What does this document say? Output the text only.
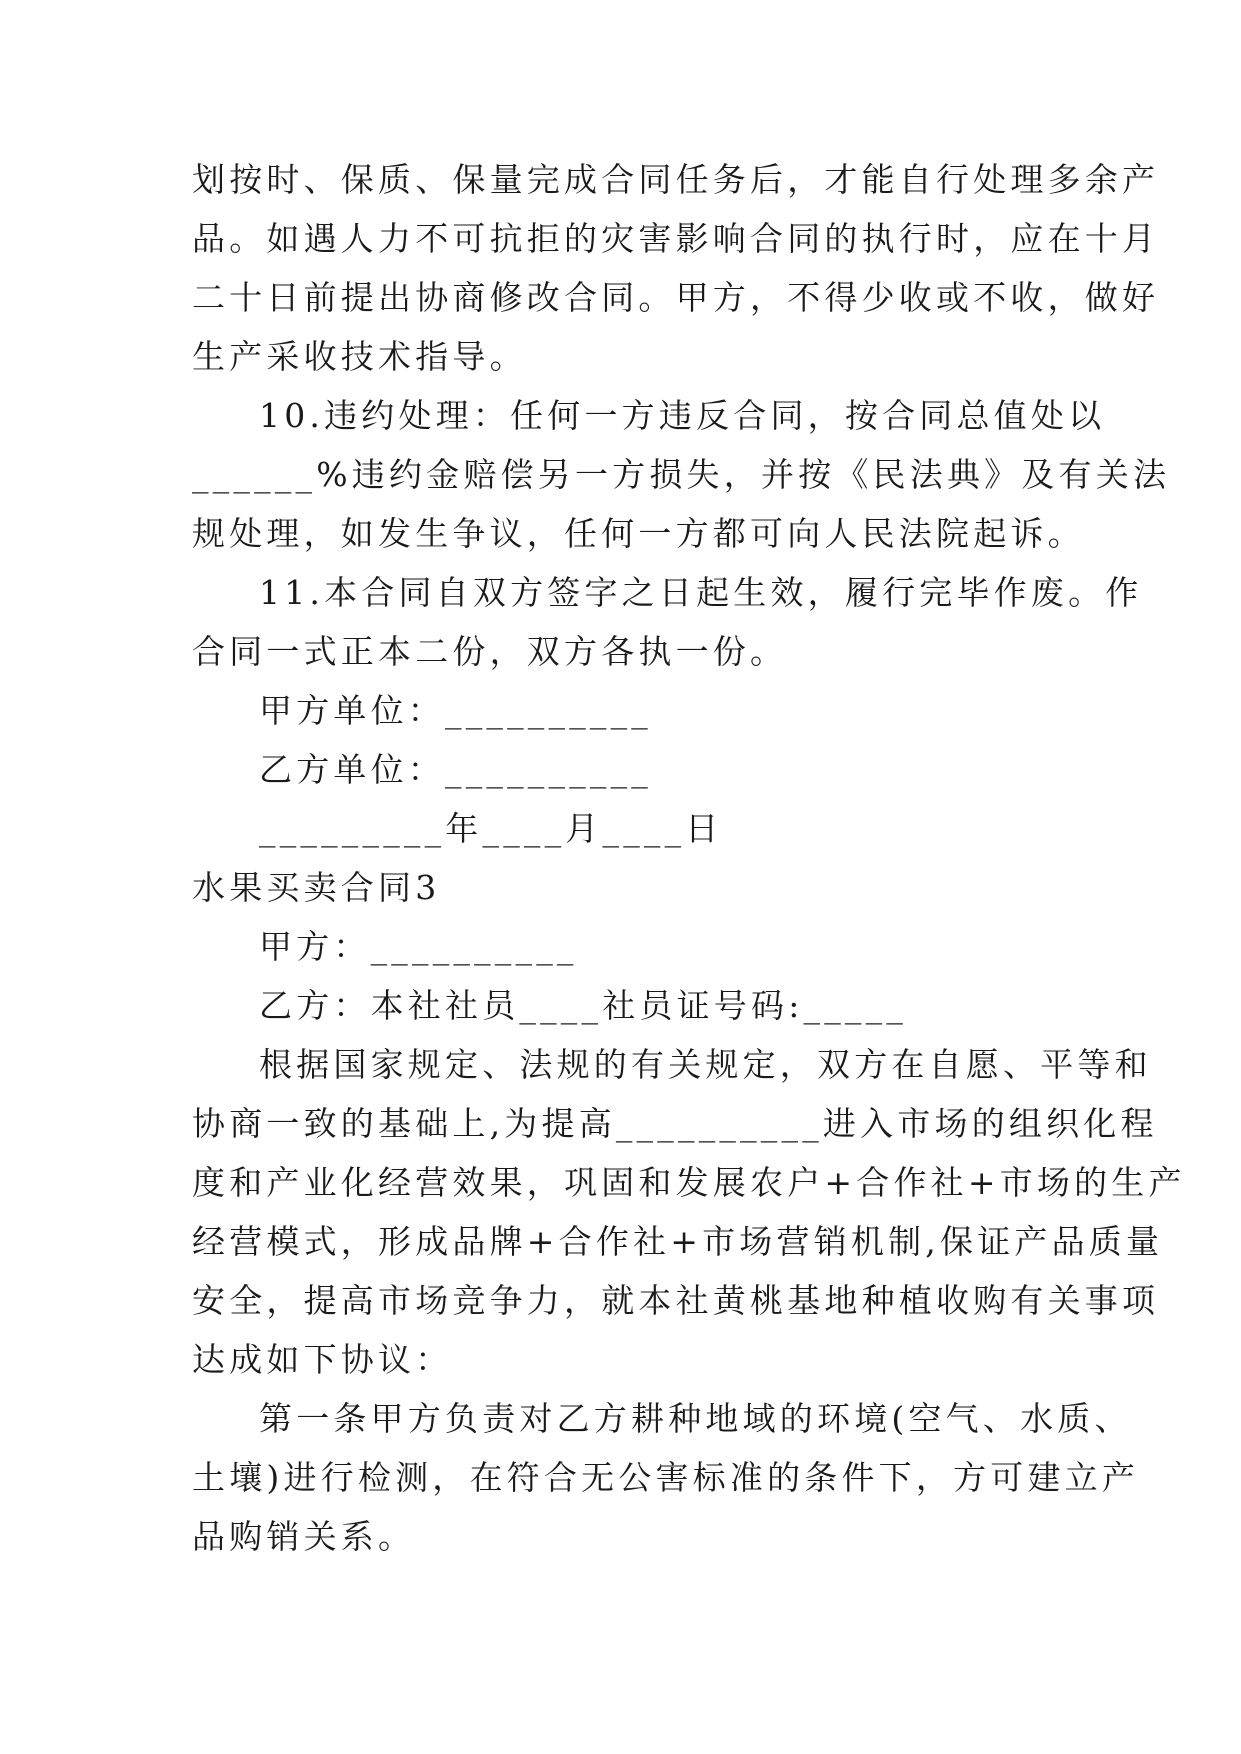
划按时、保质、保量完成合同任务后，才能自行处理多余产

品。如遇人力不可抗拒的灾害影响合同的执行时，应在十月

二十日前提出协商修改合同。甲方，不得少收或不收，做好

生产采收技术指导。

10.违约处理：任何一方违反合同，按合同总值处以

______%违约金赔偿另一方损失，并按《民法典》及有关法

规处理，如发生争议，任何一方都可向人民法院起诉。

11.本合同自双方签字之日起生效，履行完毕作废。作

合同一式正本二份，双方各执一份。

甲方单位：__________

乙方单位：__________

_________年____月____日

水果买卖合同3

甲方：__________

乙方：本社社员____社员证号码:_____

根据国家规定、法规的有关规定，双方在自愿、平等和

协商一致的基础上,为提高__________进入市场的组织化程

度和产业化经营效果，巩固和发展农户+合作社+市场的生产

经营模式，形成品牌+合作社+市场营销机制,保证产品质量

安全，提高市场竞争力，就本社黄桃基地种植收购有关事项

达成如下协议：

第一条甲方负责对乙方耕种地域的环境(空气、水质、

土壤)进行检测，在符合无公害标准的条件下，方可建立产

品购销关系。
